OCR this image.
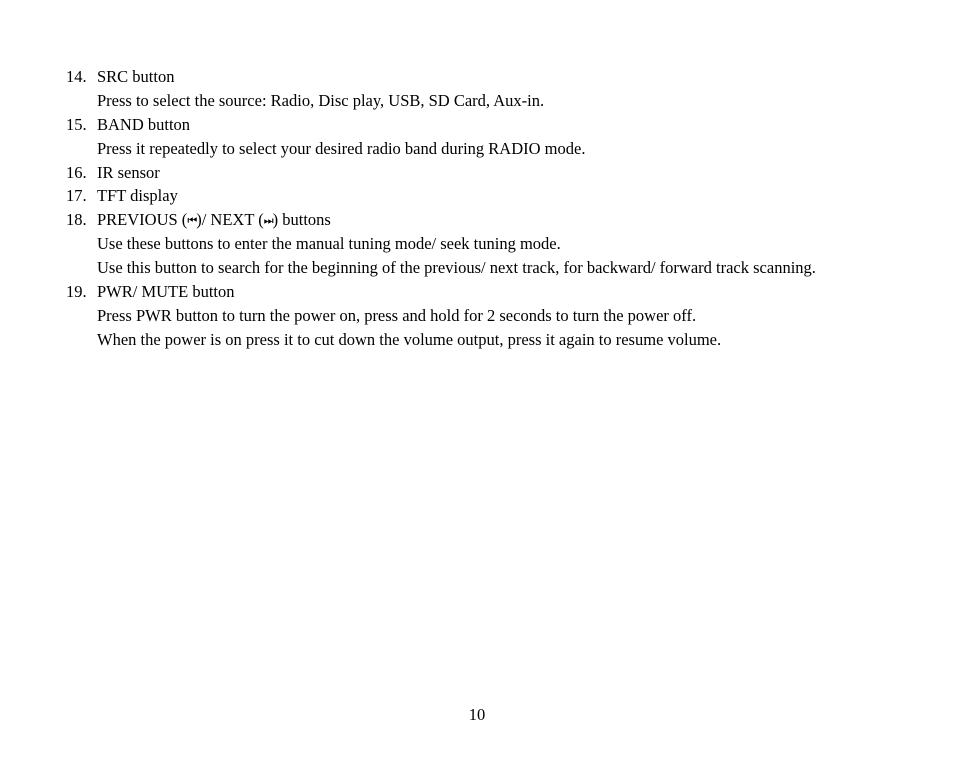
14. SRC button
Press to select the source: Radio, Disc play, USB, SD Card, Aux-in.
15. BAND button
Press it repeatedly to select your desired radio band during RADIO mode.
16. IR sensor
17. TFT display
18. PREVIOUS (⏮)/ NEXT (⏭) buttons
Use these buttons to enter the manual tuning mode/ seek tuning mode.
Use this button to search for the beginning of the previous/ next track, for backward/ forward track scanning.
19. PWR/ MUTE button
Press PWR button to turn the power on, press and hold for 2 seconds to turn the power off.
When the power is on press it to cut down the volume output, press it again to resume volume.
10
